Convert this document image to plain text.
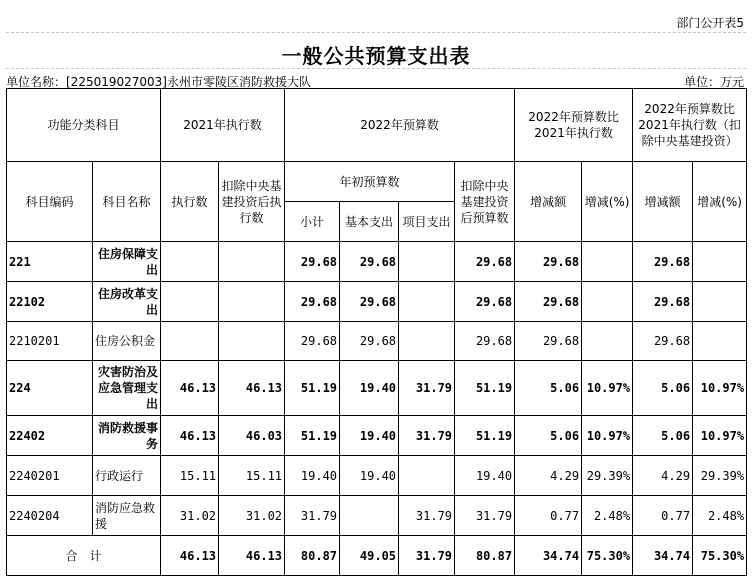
部门公开表5
一般公共预算支出表
单位名称：[225019027003]永州市零陵区消防救援大队	单位：万元
功能分类科目		2021年执行数		2022年预算数				2022年预算数比2021年执行数		2022年预算数比2021年执行数（扣除中央基建投资）	
科目编码	科目名称	执行数	扣除中央基建投资后执行数	年初预算数			扣除中央基建投资后预算数	增减额	增减(%)	增减额	增减(%)
				小计	基本支出	项目支出					
221	住房保障支出			29.68	29.68		29.68	29.68		29.68	
22102	住房改革支出			29.68	29.68		29.68	29.68		29.68	
2210201	住房公积金			29.68	29.68		29.68	29.68		29.68	
224	灾害防治及应急管理支出	46.13	46.13	51.19	19.40	31.79	51.19	5.06	10.97%	5.06	10.97%
22402	消防救援事务	46.13	46.03	51.19	19.40	31.79	51.19	5.06	10.97%	5.06	10.97%
2240201	行政运行	15.11	15.11	19.40	19.40		19.40	4.29	29.39%	4.29	29.39%
2240204	消防应急救援	31.02	31.02	31.79		31.79	31.79	0.77	2.48%	0.77	2.48%
合　计		46.13	46.13	80.87	49.05	31.79	80.87	34.74	75.30%	34.74	75.30%
